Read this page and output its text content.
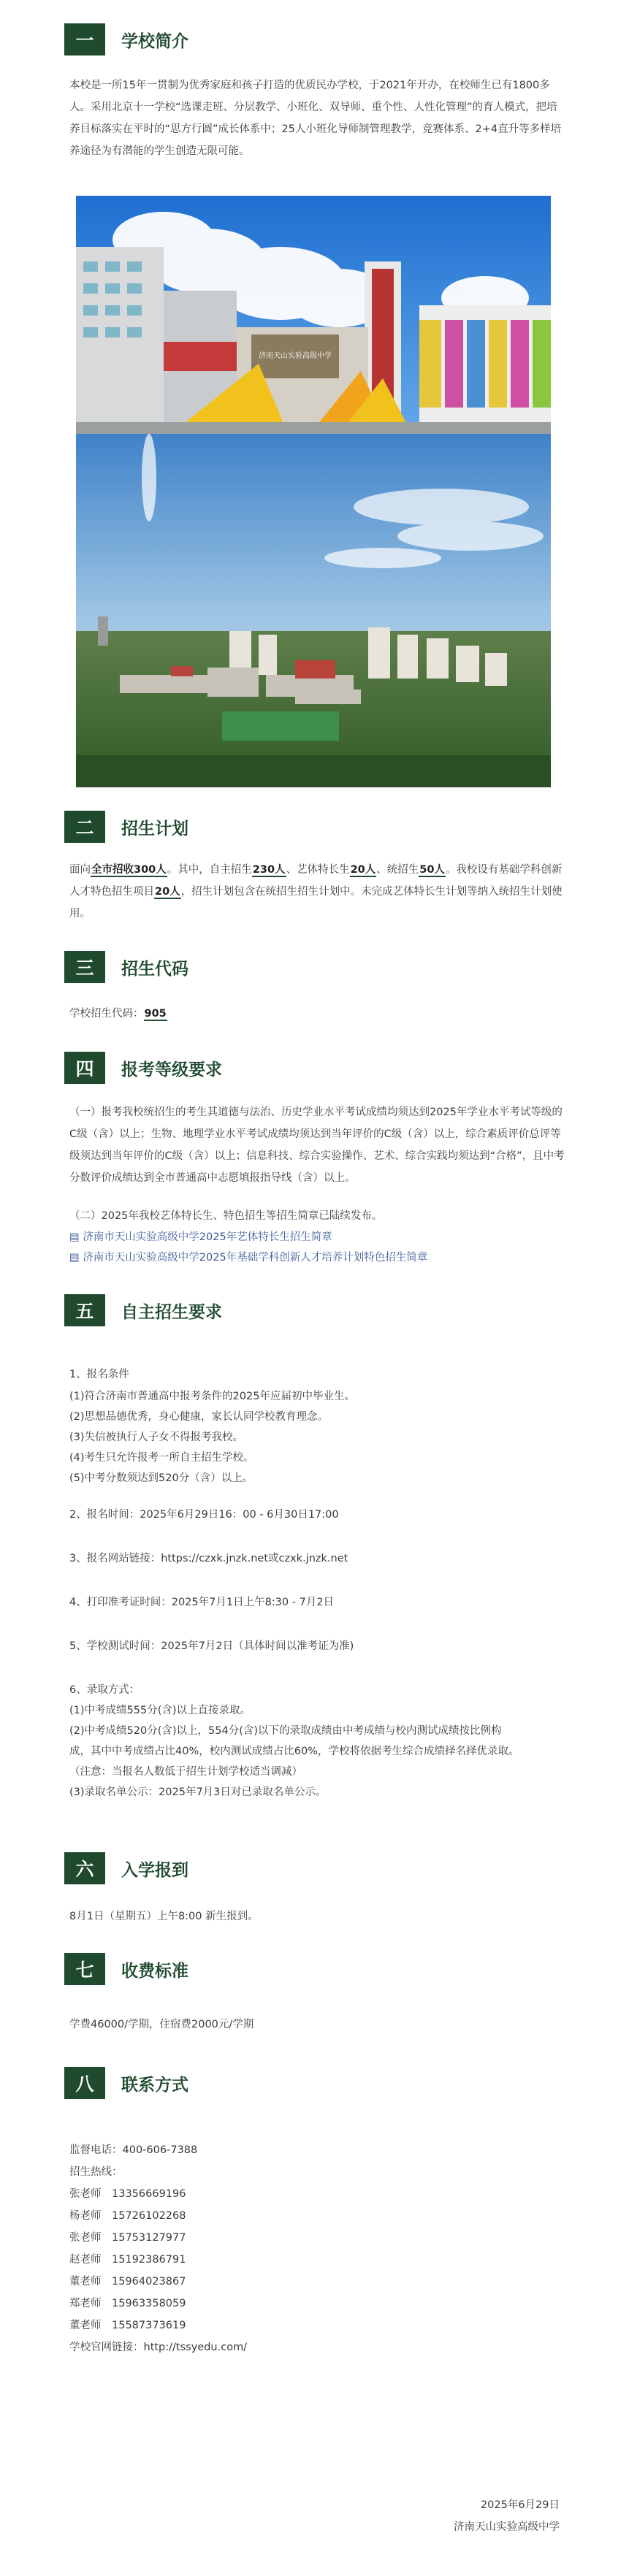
一	学校简介

本校是一所15年一贯制为优秀家庭和孩子打造的优质民办学校，于2021年开办，在校师生已有1800多人。采用北京十一学校“选课走班、分层教学、小班化、双导师、重个性、人性化管理”的育人模式，把培养目标落实在平时的“思方行圆”成长体系中；25人小班化导师制管理教学，竞赛体系、2+4直升等多样培养途径为有潜能的学生创造无限可能。

济南天山实验高级中学
二	招生计划

面向全市招收300人。其中，自主招生230人、艺体特长生20人、统招生50人。我校设有基础学科创新人才特色招生项目20人，招生计划包含在统招生招生计划中。未完成艺体特长生计划等纳入统招生计划使用。

三	招生代码
学校招生代码：905
四	报考等级要求

（一）报考我校统招生的考生其道德与法治、历史学业水平考试成绩均须达到2025年学业水平考试等级的C级（含）以上；生物、地理学业水平考试成绩均须达到当年评价的C级（含）以上，综合素质评价总评等级须达到当年评价的C级（含）以上；信息科技、综合实验操作、艺术、综合实践均须达到“合格”，且中考分数评价成绩达到全市普通高中志愿填报指导线（含）以上。

（二）2025年我校艺体特长生、特色招生等招生简章已陆续发布。

▤ 济南市天山实验高级中学2025年艺体特长生招生简章
▤ 济南市天山实验高级中学2025年基础学科创新人才培养计划特色招生简章
五	自主招生要求
1、报名条件
(1)符合济南市普通高中报考条件的2025年应届初中毕业生。
(2)思想品德优秀，身心健康，家长认同学校教育理念。
(3)失信被执行人子女不得报考我校。
(4)考生只允许报考一所自主招生学校。
(5)中考分数须达到520分（含）以上。
2、报名时间：2025年6月29日16：00 - 6月30日17:00
3、报名网站链接：https://czxk.jnzk.net或czxk.jnzk.net
4、打印准考证时间：2025年7月1日上午8:30 - 7月2日
5、学校测试时间：2025年7月2日（具体时间以准考证为准)
6、录取方式：
(1)中考成绩555分(含)以上直接录取。
(2)中考成绩520分(含)以上，554分(含)以下的录取成绩由中考成绩与校内测试成绩按比例构
成，其中中考成绩占比40%，校内测试成绩占比60%，学校将依据考生综合成绩择名择优录取。
（注意：当报名人数低于招生计划学校适当调减）
(3)录取名单公示：2025年7月3日对已录取名单公示。
六	入学报到
8月1日（星期五）上午8:00 新生报到。
七	收费标准
学费46000/学期，住宿费2000元/学期
八	联系方式
监督电话：400-606-7388
招生热线：
张老师　13356669196
杨老师　15726102268
张老师　15753127977
赵老师　15192386791
董老师　15964023867
郑老师　15963358059
董老师　15587373619
学校官网链接：http://tssyedu.com/
2025年6月29日
济南天山实验高级中学
